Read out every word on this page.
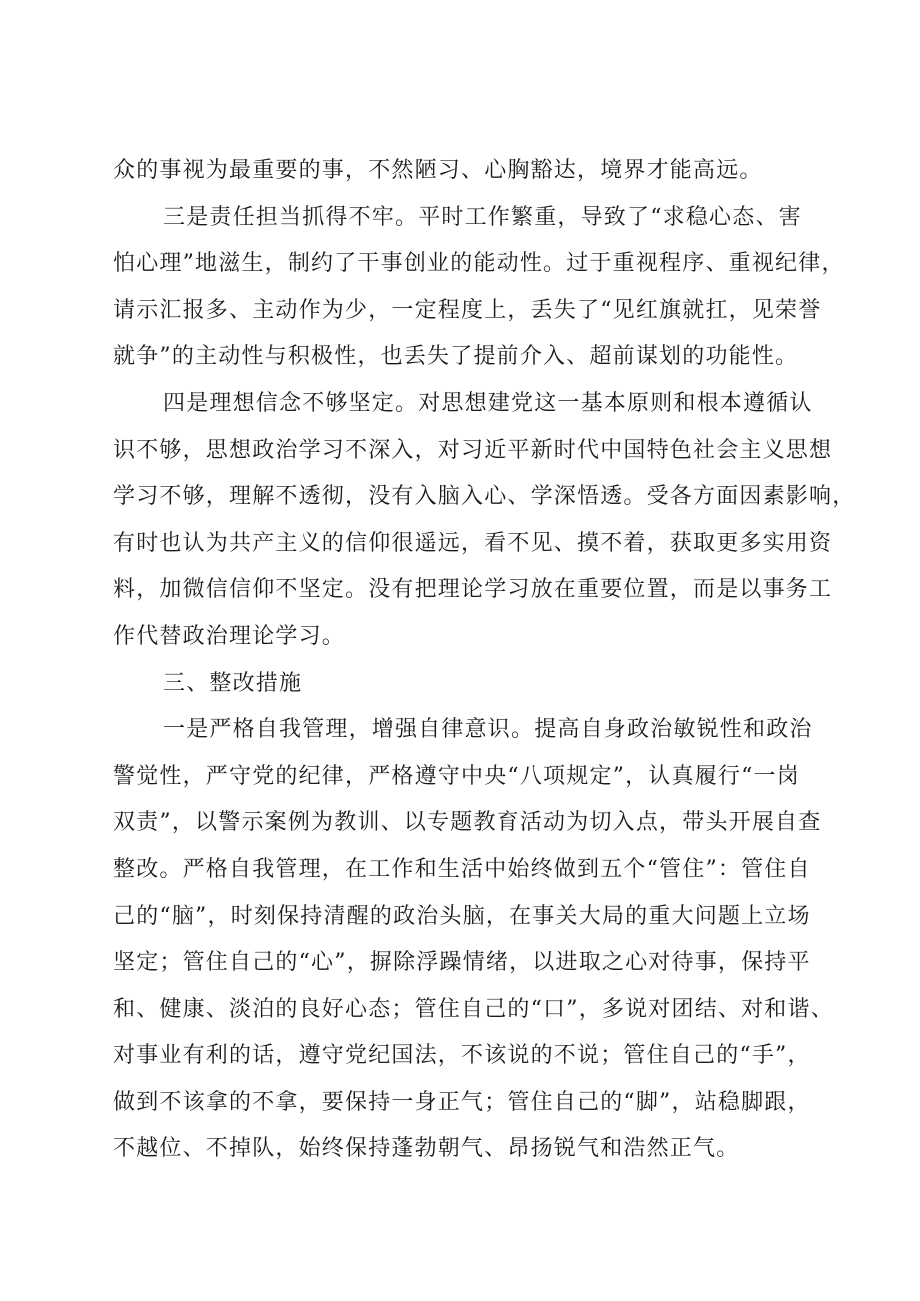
众的事视为最重要的事，不然陋习、心胸豁达，境界才能高远。
三是责任担当抓得不牢。平时工作繁重，导致了“求稳心态、害
怕心理”地滋生，制约了干事创业的能动性。过于重视程序、重视纪律，
请示汇报多、主动作为少，一定程度上，丢失了“见红旗就扛，见荣誉
就争”的主动性与积极性，也丢失了提前介入、超前谋划的功能性。
四是理想信念不够坚定。对思想建党这一基本原则和根本遵循认
识不够，思想政治学习不深入，对习近平新时代中国特色社会主义思想
学习不够，理解不透彻，没有入脑入心、学深悟透。受各方面因素影响，
有时也认为共产主义的信仰很遥远，看不见、摸不着，获取更多实用资
料，加微信信仰不坚定。没有把理论学习放在重要位置，而是以事务工
作代替政治理论学习。
三、整改措施
一是严格自我管理，增强自律意识。提高自身政治敏锐性和政治
警觉性，严守党的纪律，严格遵守中央“八项规定”，认真履行“一岗
双责”，以警示案例为教训、以专题教育活动为切入点，带头开展自查
整改。严格自我管理，在工作和生活中始终做到五个“管住”：管住自
己的“脑”，时刻保持清醒的政治头脑，在事关大局的重大问题上立场
坚定；管住自己的“心”，摒除浮躁情绪，以进取之心对待事，保持平
和、健康、淡泊的良好心态；管住自己的“口”，多说对团结、对和谐、
对事业有利的话，遵守党纪国法，不该说的不说；管住自己的“手”，
做到不该拿的不拿，要保持一身正气；管住自己的“脚”，站稳脚跟，
不越位、不掉队，始终保持蓬勃朝气、昂扬锐气和浩然正气。
